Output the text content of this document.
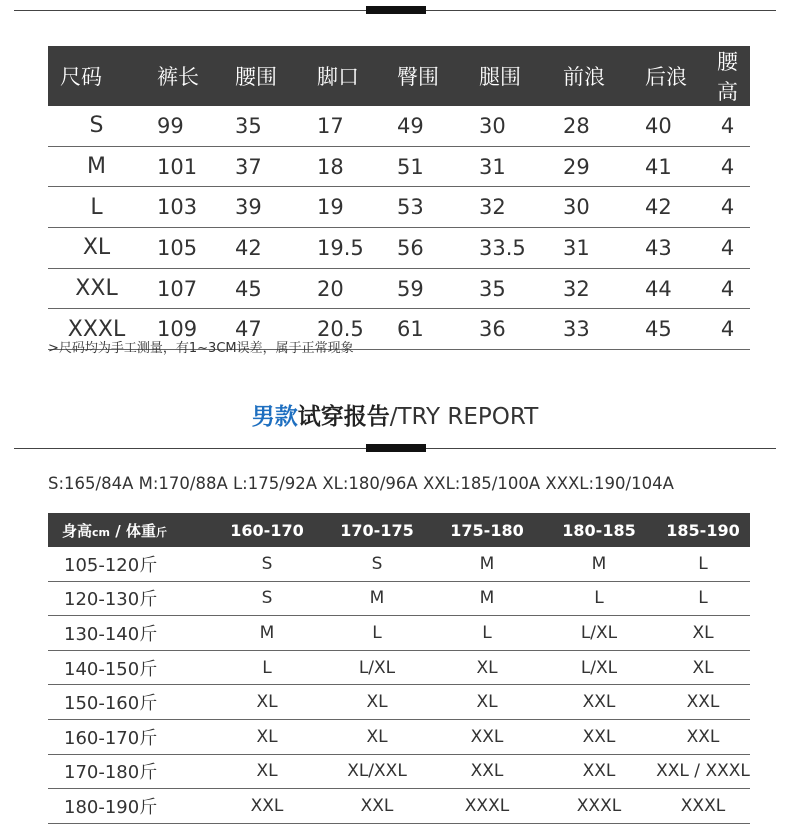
尺码	裤长	腰围	脚口	臀围	腿围	前浪	后浪	腰高
S	99	35	17	49	30	28	40	4
M	101	37	18	51	31	29	41	4
L	103	39	19	53	32	30	42	4
XL	105	42	19.5	56	33.5	31	43	4
XXL	107	45	20	59	35	32	44	4
XXXL	109	47	20.5	61	36	33	45	4
>尺码均为手工测量，有1~3CM误差，属于正常现象
男款试穿报告/TRY REPORT
S:165/84A M:170/88A L:175/92A XL:180/96A XXL:185/100A XXXL:190/104A
身高cm / 体重斤	160-170	170-175	175-180	180-185	185-190
105-120斤	S	S	M	M	L
120-130斤	S	M	M	L	L
130-140斤	M	L	L	L/XL	XL
140-150斤	L	L/XL	XL	L/XL	XL
150-160斤	XL	XL	XL	XXL	XXL
160-170斤	XL	XL	XXL	XXL	XXL
170-180斤	XL	XL/XXL	XXL	XXL	XXL / XXXL
180-190斤	XXL	XXL	XXXL	XXXL	XXXL
